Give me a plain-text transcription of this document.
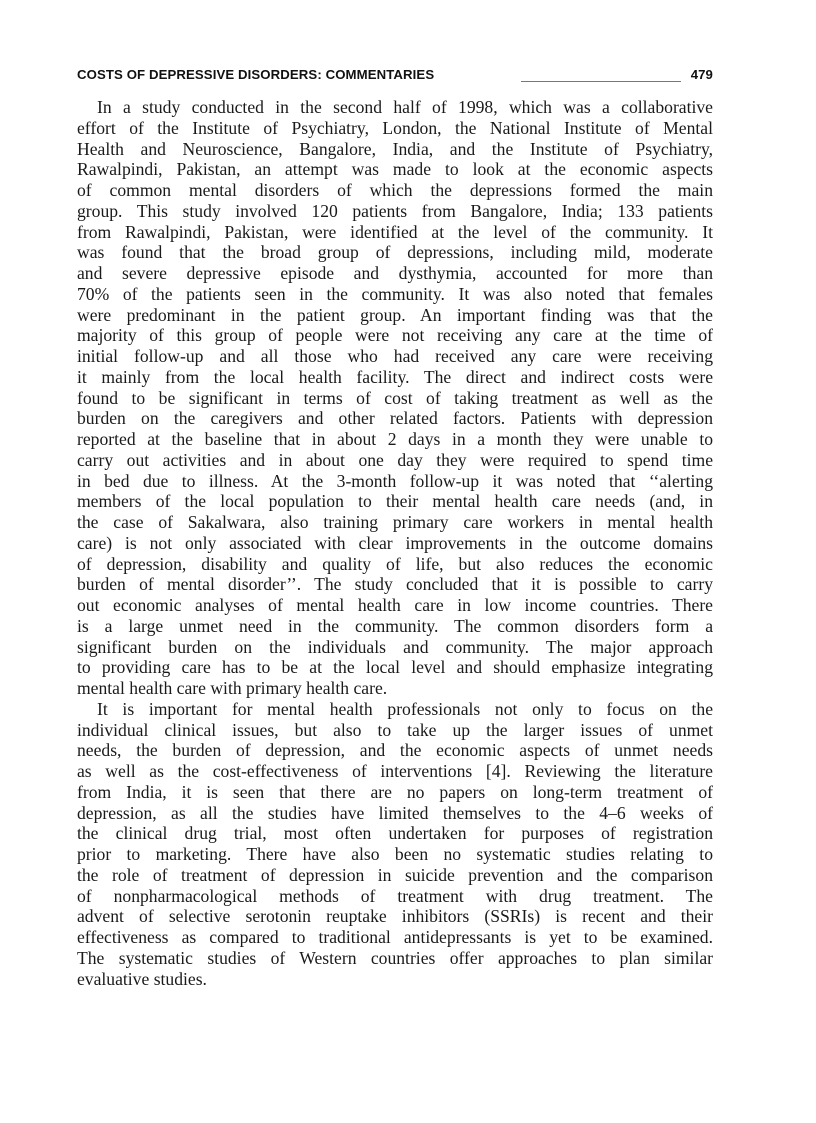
COSTS OF DEPRESSIVE DISORDERS: COMMENTARIES	479
In a study conducted in the second half of 1998, which was a collaborative
effort of the Institute of Psychiatry, London, the National Institute of Mental
Health and Neuroscience, Bangalore, India, and the Institute of Psychiatry,
Rawalpindi, Pakistan, an attempt was made to look at the economic aspects
of common mental disorders of which the depressions formed the main
group. This study involved 120 patients from Bangalore, India; 133 patients
from Rawalpindi, Pakistan, were identified at the level of the community. It
was found that the broad group of depressions, including mild, moderate
and severe depressive episode and dysthymia, accounted for more than
70% of the patients seen in the community. It was also noted that females
were predominant in the patient group. An important finding was that the
majority of this group of people were not receiving any care at the time of
initial follow-up and all those who had received any care were receiving
it mainly from the local health facility. The direct and indirect costs were
found to be significant in terms of cost of taking treatment as well as the
burden on the caregivers and other related factors. Patients with depression
reported at the baseline that in about 2 days in a month they were unable to
carry out activities and in about one day they were required to spend time
in bed due to illness. At the 3-month follow-up it was noted that ‘‘alerting
members of the local population to their mental health care needs (and, in
the case of Sakalwara, also training primary care workers in mental health
care) is not only associated with clear improvements in the outcome domains
of depression, disability and quality of life, but also reduces the economic
burden of mental disorder’’. The study concluded that it is possible to carry
out economic analyses of mental health care in low income countries. There
is a large unmet need in the community. The common disorders form a
significant burden on the individuals and community. The major approach
to providing care has to be at the local level and should emphasize integrating
mental health care with primary health care.
It is important for mental health professionals not only to focus on the
individual clinical issues, but also to take up the larger issues of unmet
needs, the burden of depression, and the economic aspects of unmet needs
as well as the cost-effectiveness of interventions [4]. Reviewing the literature
from India, it is seen that there are no papers on long-term treatment of
depression, as all the studies have limited themselves to the 4–6 weeks of
the clinical drug trial, most often undertaken for purposes of registration
prior to marketing. There have also been no systematic studies relating to
the role of treatment of depression in suicide prevention and the comparison
of nonpharmacological methods of treatment with drug treatment. The
advent of selective serotonin reuptake inhibitors (SSRIs) is recent and their
effectiveness as compared to traditional antidepressants is yet to be examined.
The systematic studies of Western countries offer approaches to plan similar
evaluative studies.
